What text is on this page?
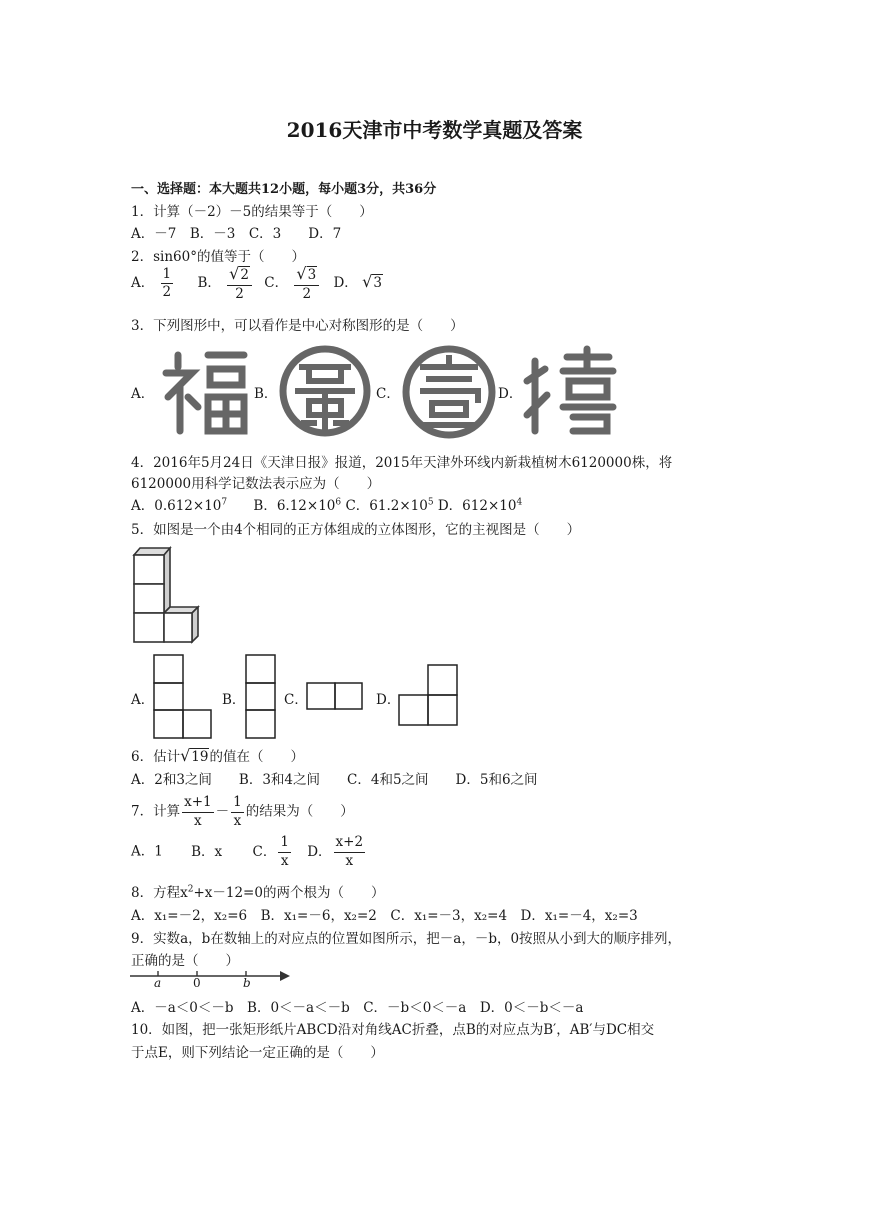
2016天津市中考数学真题及答案
一、选择题：本大题共12小题，每小题3分，共36分
1．计算（－2）－5的结果等于（　　）
A．－7　B．－3　C．3　　D．7
2．sin60°的值等于（　　）
A． $\frac{1}{2}$ B． $\frac{√2}{2}$ C． $\frac{√3}{2}$ D． √3
3．下列图形中，可以看作是中心对称图形的是（　　）
A．	B．	C．	D．
4．2016年5月24日《天津日报》报道，2015年天津外环线内新栽植树木6120000株，将
6120000用科学记数法表示应为（　　）
A．$0.612\times 10^7$ B．$6.12\times 10^6$ C．$61.2\times 10^5$ D．$612\times 10^4$
5．如图是一个由4个相同的正方体组成的立体图形，它的主视图是（　　）
A．	B．	C．	D．
6．估计√19的值在（　　）
A．2和3之间　　B．3和4之间　　C．4和5之间　　D．5和6之间
7．计算 $\frac{x+1}{x} - \frac{1}{x}$ 的结果为（　　）
A．1 B．x C． $\frac{1}{x}$ D． $\frac{x+2}{x}$
8．方程$x^2+x-12=0$的两个根为（　　）
A．x₁=－2，x₂=6　B．x₁=－6，x₂=2　C．x₁=－3，x₂=4　D．x₁=－4，x₂=3
9．实数a，b在数轴上的对应点的位置如图所示，把－a，－b，0按照从小到大的顺序排列，
正确的是（　　）
a	0	b
A．－a＜0＜－b　B．0＜－a＜－b　C．－b＜0＜－a　D．0＜－b＜－a
10．如图，把一张矩形纸片ABCD沿对角线AC折叠，点B的对应点为B′，AB′与DC相交
于点E，则下列结论一定正确的是（　　）
